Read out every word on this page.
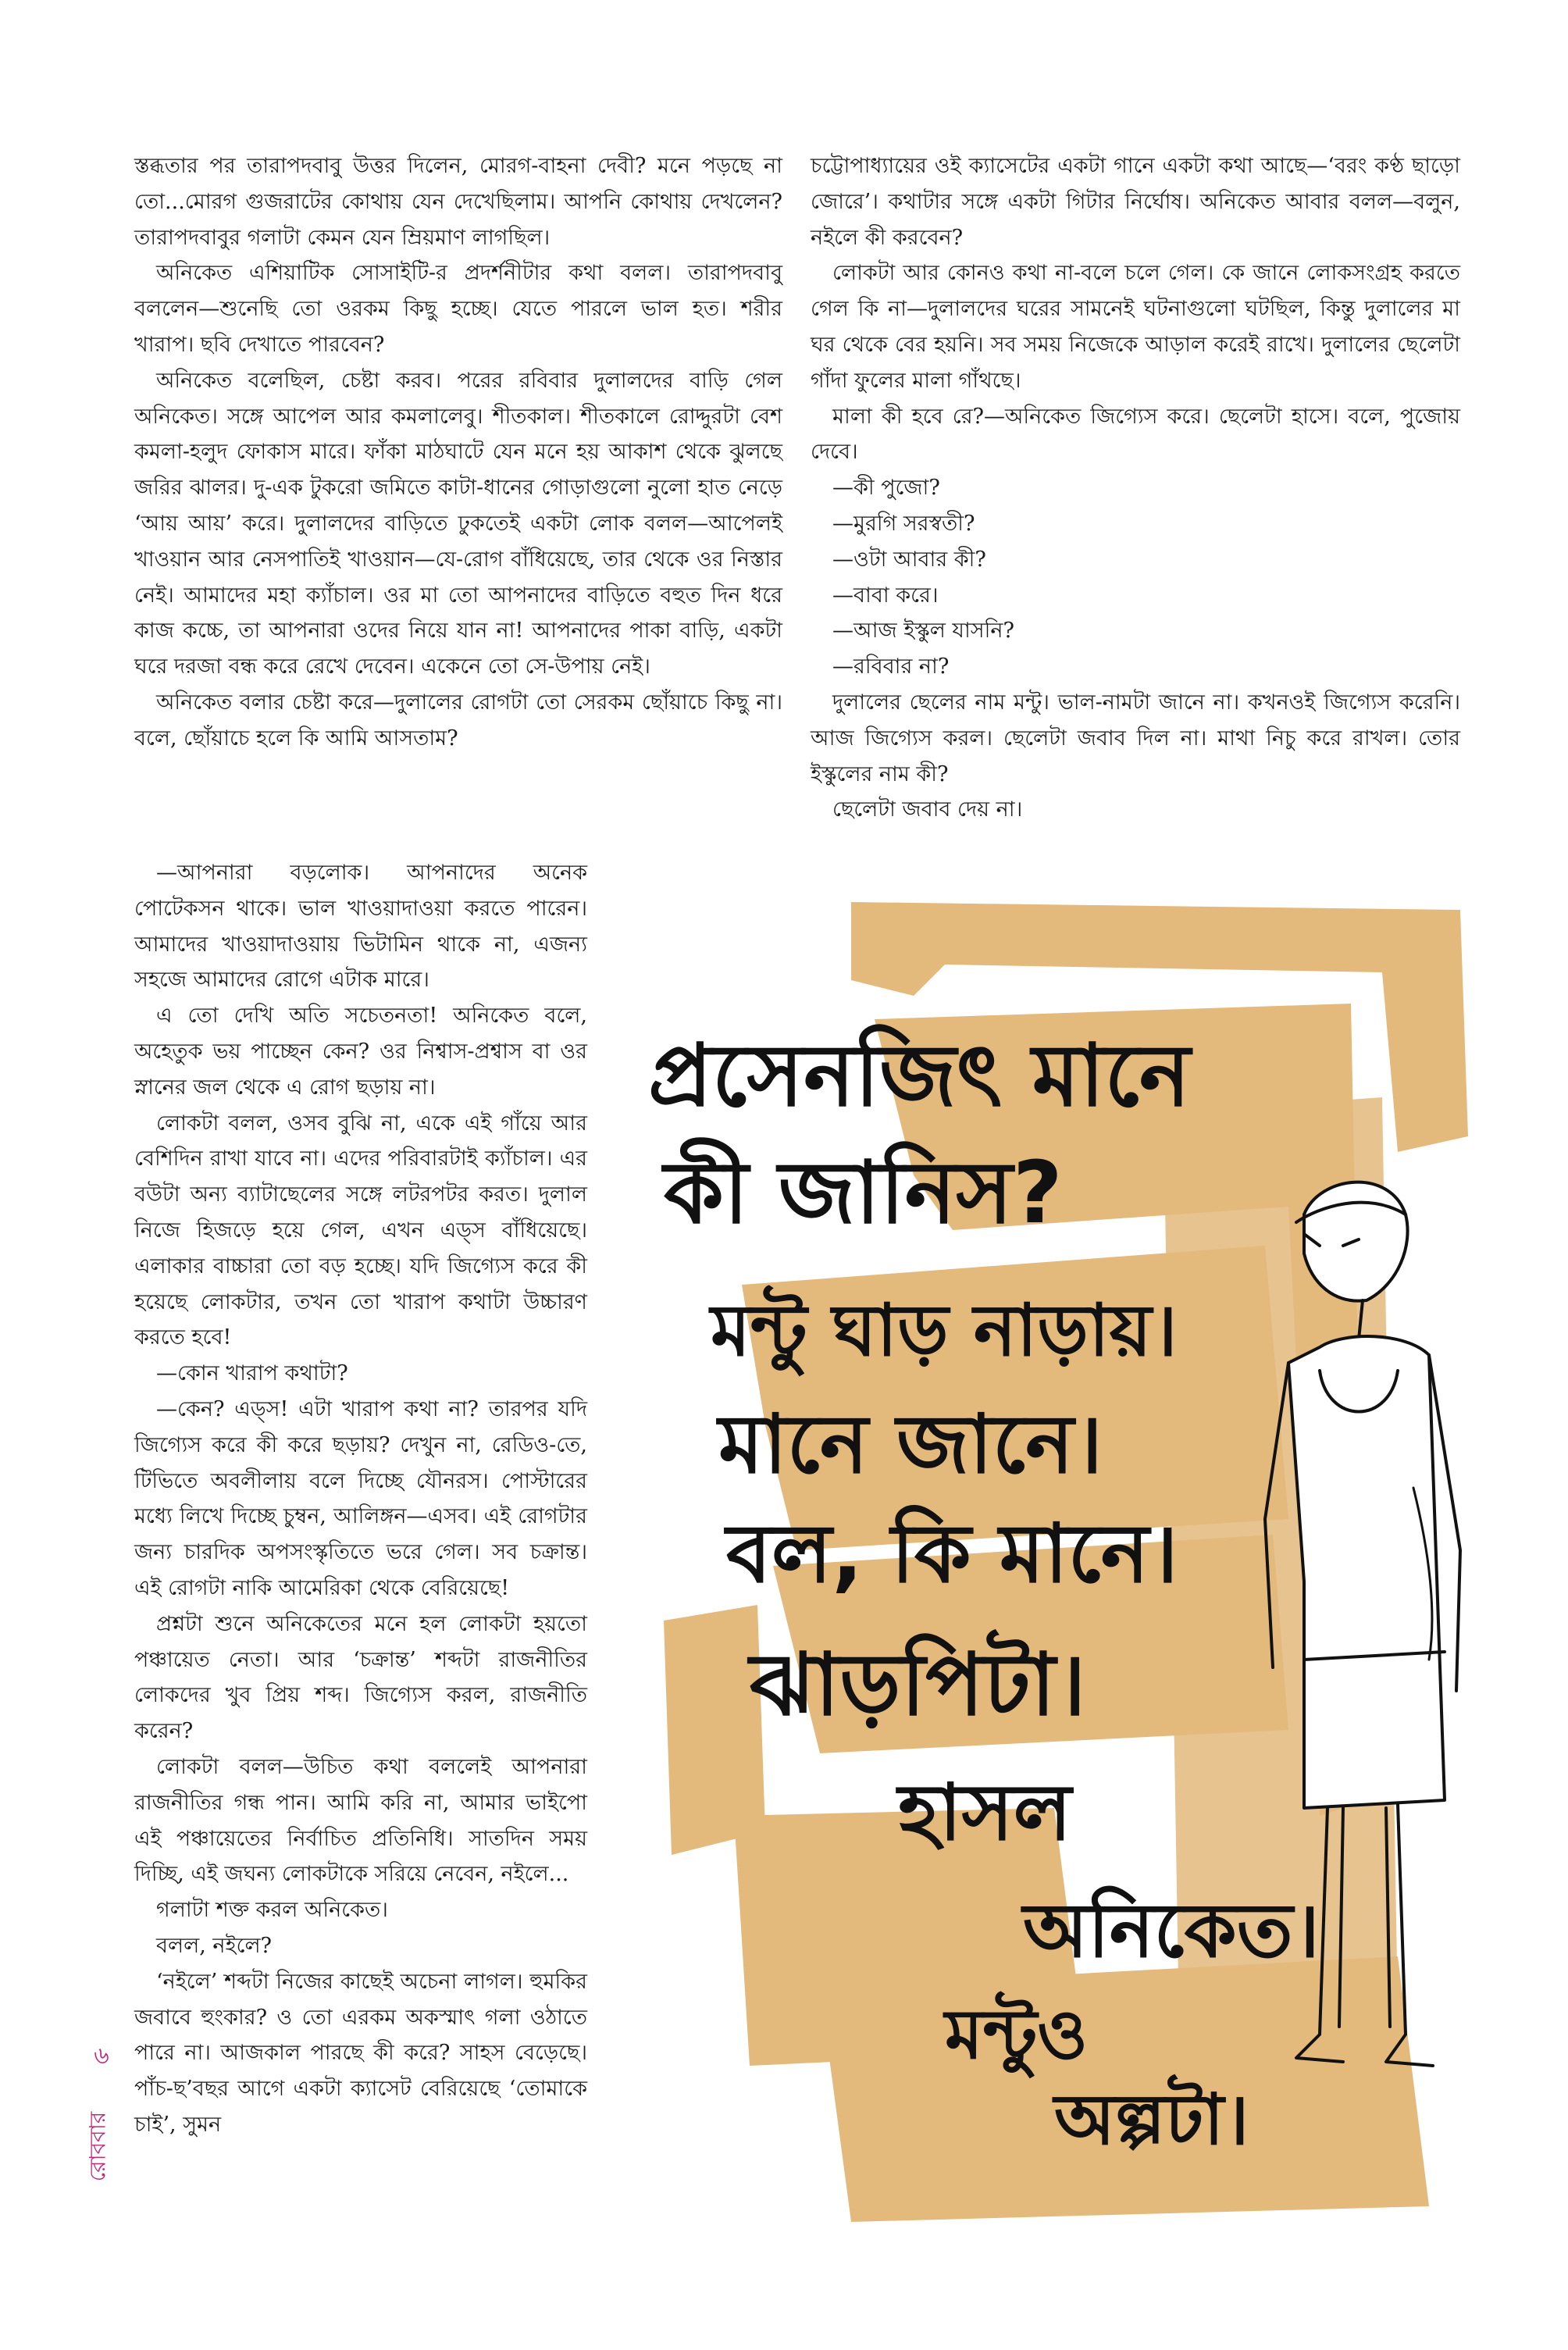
স্তব্ধতার পর তারাপদবাবু উত্তর দিলেন, মোরগ-বাহনা দেবী? মনে পড়ছে না তো...মোরগ গুজরাটের কোথায় যেন দেখেছিলাম। আপনি কোথায় দেখলেন? তারাপদবাবুর গলাটা কেমন যেন ম্রিয়মাণ লাগছিল।

অনিকেত এশিয়াটিক সোসাইটি-র প্রদর্শনীটার কথা বলল। তারাপদবাবু বললেন—শুনেছি তো ওরকম কিছু হচ্ছে। যেতে পারলে ভাল হত। শরীর খারাপ। ছবি দেখাতে পারবেন?

অনিকেত বলেছিল, চেষ্টা করব। পরের রবিবার দুলালদের বাড়ি গেল অনিকেত। সঙ্গে আপেল আর কমলালেবু। শীতকাল। শীতকালে রোদ্দুরটা বেশ কমলা-হলুদ ফোকাস মারে। ফাঁকা মাঠঘাটে যেন মনে হয় আকাশ থেকে ঝুলছে জরির ঝালর। দু-এক টুকরো জমিতে কাটা-ধানের গোড়াগুলো নুলো হাত নেড়ে ‘আয় আয়’ করে। দুলালদের বাড়িতে ঢুকতেই একটা লোক বলল—আপেলই খাওয়ান আর নেসপাতিই খাওয়ান—যে-রোগ বাঁধিয়েছে, তার থেকে ওর নিস্তার নেই। আমাদের মহা ক্যাঁচাল। ওর মা তো আপনাদের বাড়িতে বহুত দিন ধরে কাজ কচ্চে, তা আপনারা ওদের নিয়ে যান না! আপনাদের পাকা বাড়ি, একটা ঘরে দরজা বন্ধ করে রেখে দেবেন। একেনে তো সে-উপায় নেই।

অনিকেত বলার চেষ্টা করে—দুলালের রোগটা তো সেরকম ছোঁয়াচে কিছু না। বলে, ছোঁয়াচে হলে কি আমি আসতাম?

—আপনারা বড়লোক। আপনাদের অনেক পোটেকসন থাকে। ভাল খাওয়াদাওয়া করতে পারেন। আমাদের খাওয়াদাওয়ায় ভিটামিন থাকে না, এজন্য সহজে আমাদের রোগে এটাক মারে।

এ তো দেখি অতি সচেতনতা! অনিকেত বলে, অহেতুক ভয় পাচ্ছেন কেন? ওর নিশ্বাস-প্রশ্বাস বা ওর স্নানের জল থেকে এ রোগ ছড়ায় না।

লোকটা বলল, ওসব বুঝি না, একে এই গাঁয়ে আর বেশিদিন রাখা যাবে না। এদের পরিবারটাই ক্যাঁচাল। এর বউটা অন্য ব্যাটাছেলের সঙ্গে লটরপটর করত। দুলাল নিজে হিজড়ে হয়ে গেল, এখন এড্স বাঁধিয়েছে। এলাকার বাচ্চারা তো বড় হচ্ছে। যদি জিগ্যেস করে কী হয়েছে লোকটার, তখন তো খারাপ কথাটা উচ্চারণ করতে হবে!

—কোন খারাপ কথাটা?

—কেন? এড্স! এটা খারাপ কথা না? তারপর যদি জিগ্যেস করে কী করে ছড়ায়? দেখুন না, রেডিও-তে, টিভিতে অবলীলায় বলে দিচ্ছে যৌনরস। পোস্টারের মধ্যে লিখে দিচ্ছে চুম্বন, আলিঙ্গন—এসব। এই রোগটার জন্য চারদিক অপসংস্কৃতিতে ভরে গেল। সব চক্রান্ত। এই রোগটা নাকি আমেরিকা থেকে বেরিয়েছে!

প্রশ্নটা শুনে অনিকেতের মনে হল লোকটা হয়তো পঞ্চায়েত নেতা। আর ‘চক্রান্ত’ শব্দটা রাজনীতির লোকদের খুব প্রিয় শব্দ। জিগ্যেস করল, রাজনীতি করেন?

লোকটা বলল—উচিত কথা বললেই আপনারা রাজনীতির গন্ধ পান। আমি করি না, আমার ভাইপো এই পঞ্চায়েতের নির্বাচিত প্রতিনিধি। সাতদিন সময় দিচ্ছি, এই জঘন্য লোকটাকে সরিয়ে নেবেন, নইলে...

গলাটা শক্ত করল অনিকেত।

বলল, নইলে?

‘নইলে’ শব্দটা নিজের কাছেই অচেনা লাগল। হুমকির জবাবে হুংকার? ও তো এরকম অকস্মাৎ গলা ওঠাতে পারে না। আজকাল পারছে কী করে? সাহস বেড়েছে। পাঁচ-ছ’বছর আগে একটা ক্যাসেট বেরিয়েছে ‘তোমাকে চাই’, সুমন

চট্টোপাধ্যায়ের ওই ক্যাসেটের একটা গানে একটা কথা আছে—‘বরং কণ্ঠ ছাড়ো জোরে’। কথাটার সঙ্গে একটা গিটার নির্ঘোষ। অনিকেত আবার বলল—বলুন, নইলে কী করবেন?

লোকটা আর কোনও কথা না-বলে চলে গেল। কে জানে লোকসংগ্রহ করতে গেল কি না—দুলালদের ঘরের সামনেই ঘটনাগুলো ঘটছিল, কিন্তু দুলালের মা ঘর থেকে বের হয়নি। সব সময় নিজেকে আড়াল করেই রাখে। দুলালের ছেলেটা গাঁদা ফুলের মালা গাঁথছে।

মালা কী হবে রে?—অনিকেত জিগ্যেস করে। ছেলেটা হাসে। বলে, পুজোয় দেবে।

—কী পুজো?

—মুরগি সরস্বতী?

—ওটা আবার কী?

—বাবা করে।

—আজ ইস্কুল যাসনি?

—রবিবার না?

দুলালের ছেলের নাম মন্টু। ভাল-নামটা জানে না। কখনওই জিগ্যেস করেনি। আজ জিগ্যেস করল। ছেলেটা জবাব দিল না। মাথা নিচু করে রাখল। তোর ইস্কুলের নাম কী?

ছেলেটা জবাব দেয় না।

প্রসেনজিৎ মানে
কী জানিস?
মন্টু ঘাড় নাড়ায়।
মানে জানে।
বল, কি মানে।
ঝাড়পিটা।
হাসল
অনিকেত।
মন্টুও
অল্পটা।
৬
রোববার
